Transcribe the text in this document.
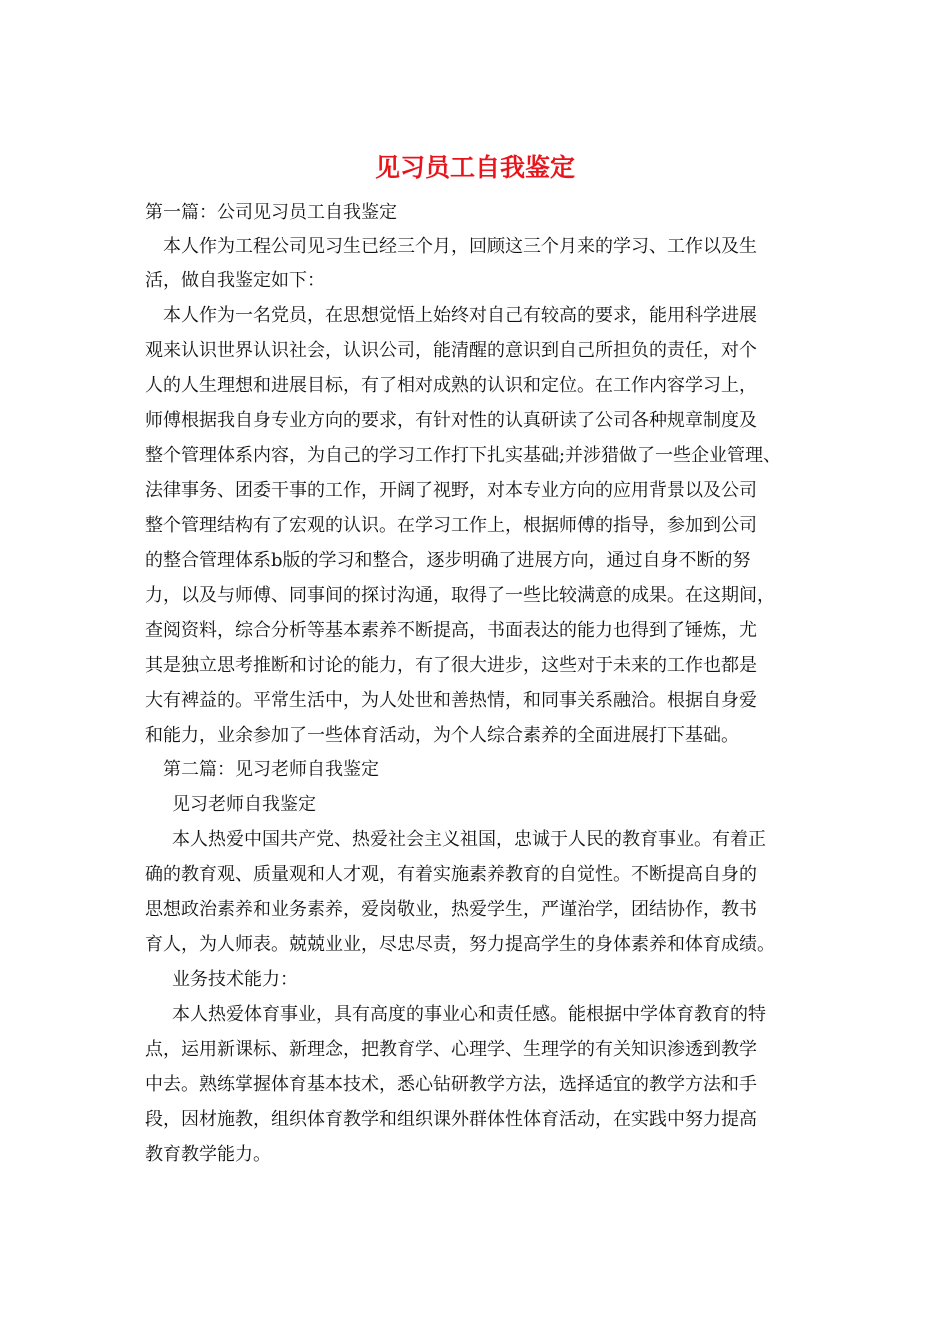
见习员工自我鉴定

第一篇：公司见习员工自我鉴定

本人作为工程公司见习生已经三个月，回顾这三个月来的学习、工作以及生

活，做自我鉴定如下：

本人作为一名党员，在思想觉悟上始终对自己有较高的要求，能用科学进展

观来认识世界认识社会，认识公司，能清醒的意识到自己所担负的责任，对个

人的人生理想和进展目标，有了相对成熟的认识和定位。在工作内容学习上，

师傅根据我自身专业方向的要求，有针对性的认真研读了公司各种规章制度及

整个管理体系内容，为自己的学习工作打下扎实基础;并涉猎做了一些企业管理、

法律事务、团委干事的工作，开阔了视野，对本专业方向的应用背景以及公司

整个管理结构有了宏观的认识。在学习工作上，根据师傅的指导，参加到公司

的整合管理体系b版的学习和整合，逐步明确了进展方向，通过自身不断的努

力，以及与师傅、同事间的探讨沟通，取得了一些比较满意的成果。在这期间，

查阅资料，综合分析等基本素养不断提高，书面表达的能力也得到了锤炼，尤

其是独立思考推断和讨论的能力，有了很大进步，这些对于未来的工作也都是

大有裨益的。平常生活中，为人处世和善热情，和同事关系融洽。根据自身爱

和能力，业余参加了一些体育活动，为个人综合素养的全面进展打下基础。

第二篇：见习老师自我鉴定

见习老师自我鉴定

本人热爱中国共产党、热爱社会主义祖国，忠诚于人民的教育事业。有着正

确的教育观、质量观和人才观，有着实施素养教育的自觉性。不断提高自身的

思想政治素养和业务素养，爱岗敬业，热爱学生，严谨治学，团结协作，教书

育人，为人师表。兢兢业业，尽忠尽责，努力提高学生的身体素养和体育成绩。

业务技术能力：

本人热爱体育事业，具有高度的事业心和责任感。能根据中学体育教育的特

点，运用新课标、新理念，把教育学、心理学、生理学的有关知识渗透到教学

中去。熟练掌握体育基本技术，悉心钻研教学方法，选择适宜的教学方法和手

段，因材施教，组织体育教学和组织课外群体性体育活动，在实践中努力提高

教育教学能力。
